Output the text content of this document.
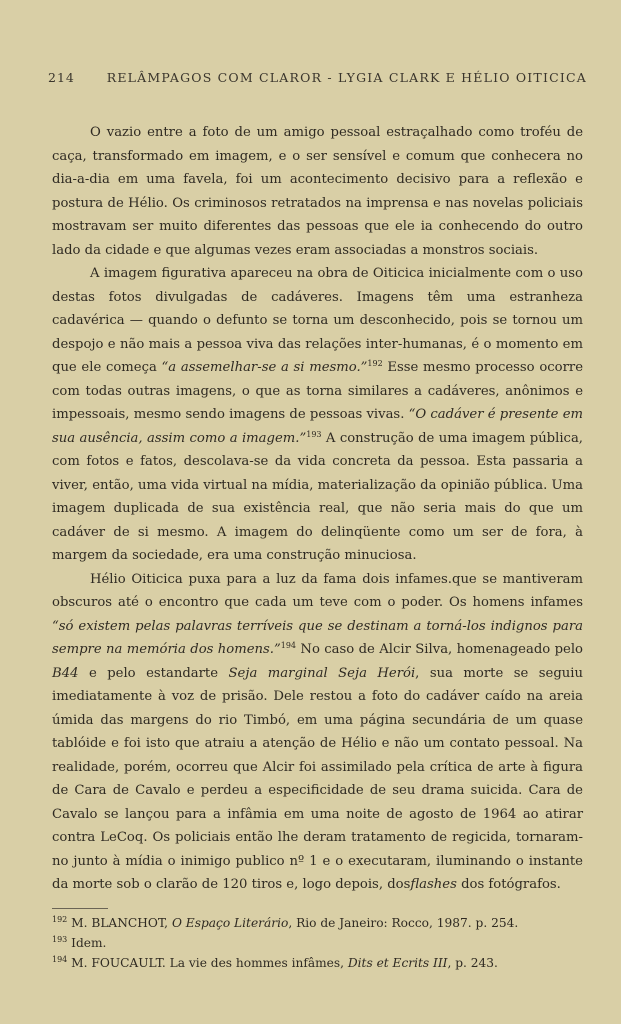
214	RELÂMPAGOS COM CLAROR - LYGIA CLARK E HÉLIO OITICICA

O vazio entre a foto de um amigo pessoal estraçalhado como troféu de caça, transformado em imagem, e o ser sensível e comum que conhecera no dia-a-dia em uma favela, foi um acontecimento decisivo para a reflexão e postura de Hélio. Os criminosos retratados na imprensa e nas novelas policiais mostravam ser muito diferentes das pessoas que ele ia conhecendo do outro lado da cidade e que algumas vezes eram associadas a monstros sociais.

A imagem figurativa apareceu na obra de Oiticica inicialmente com o uso destas fotos divulgadas de cadáveres. Imagens têm uma estranheza cadavérica — quando o defunto se torna um desconhecido, pois se tornou um despojo e não mais a pessoa viva das relações inter-humanas, é o momento em que ele começa “a assemelhar-se a si mesmo.”$^{192}$ Esse mesmo processo ocorre com todas outras imagens, o que as torna similares a cadáveres, anônimos e impessoais, mesmo sendo imagens de pessoas vivas. “O cadáver é presente em sua ausência, assim como a imagem.”$^{193}$ A construção de uma imagem pública, com fotos e fatos, descolava-se da vida concreta da pessoa. Esta passaria a viver, então, uma vida virtual na mídia, materialização da opinião pública. Uma imagem duplicada de sua existência real, que não seria mais do que um cadáver de si mesmo. A imagem do delinqüente como um ser de fora, à margem da sociedade, era uma construção minuciosa.

Hélio Oiticica puxa para a luz da fama dois infames.que se mantiveram obscuros até o encontro que cada um teve com o poder. Os homens infames “só existem pelas palavras terríveis que se destinam a torná-los indignos para sempre na memória dos homens.”$^{194}$ No caso de Alcir Silva, homenageado pelo B44 e pelo estandarte Seja marginal Seja Herói, sua morte se seguiu imediatamente à voz de prisão. Dele restou a foto do cadáver caído na areia úmida das margens do rio Timbó, em uma página secundária de um quase tablóide e foi isto que atraiu a atenção de Hélio e não um contato pessoal. Na realidade, porém, ocorreu que Alcir foi assimilado pela crítica de arte à figura de Cara de Cavalo e perdeu a especificidade de seu drama suicida. Cara de Cavalo se lançou para a infâmia em uma noite de agosto de 1964 ao atirar contra LeCoq. Os policiais então lhe deram tratamento de regicida, tornaram-no junto à mídia o inimigo publico nº 1 e o executaram, iluminando o instante da morte sob o clarão de 120 tiros e, logo depois, dosflashes dos fotógrafos.

$^{192}$ M. BLANCHOT, O Espaço Literário, Rio de Janeiro: Rocco, 1987. p. 254.
$^{193}$ Idem.
$^{194}$ M. FOUCAULT. La vie des hommes infâmes, Dits et Ecrits III, p. 243.
